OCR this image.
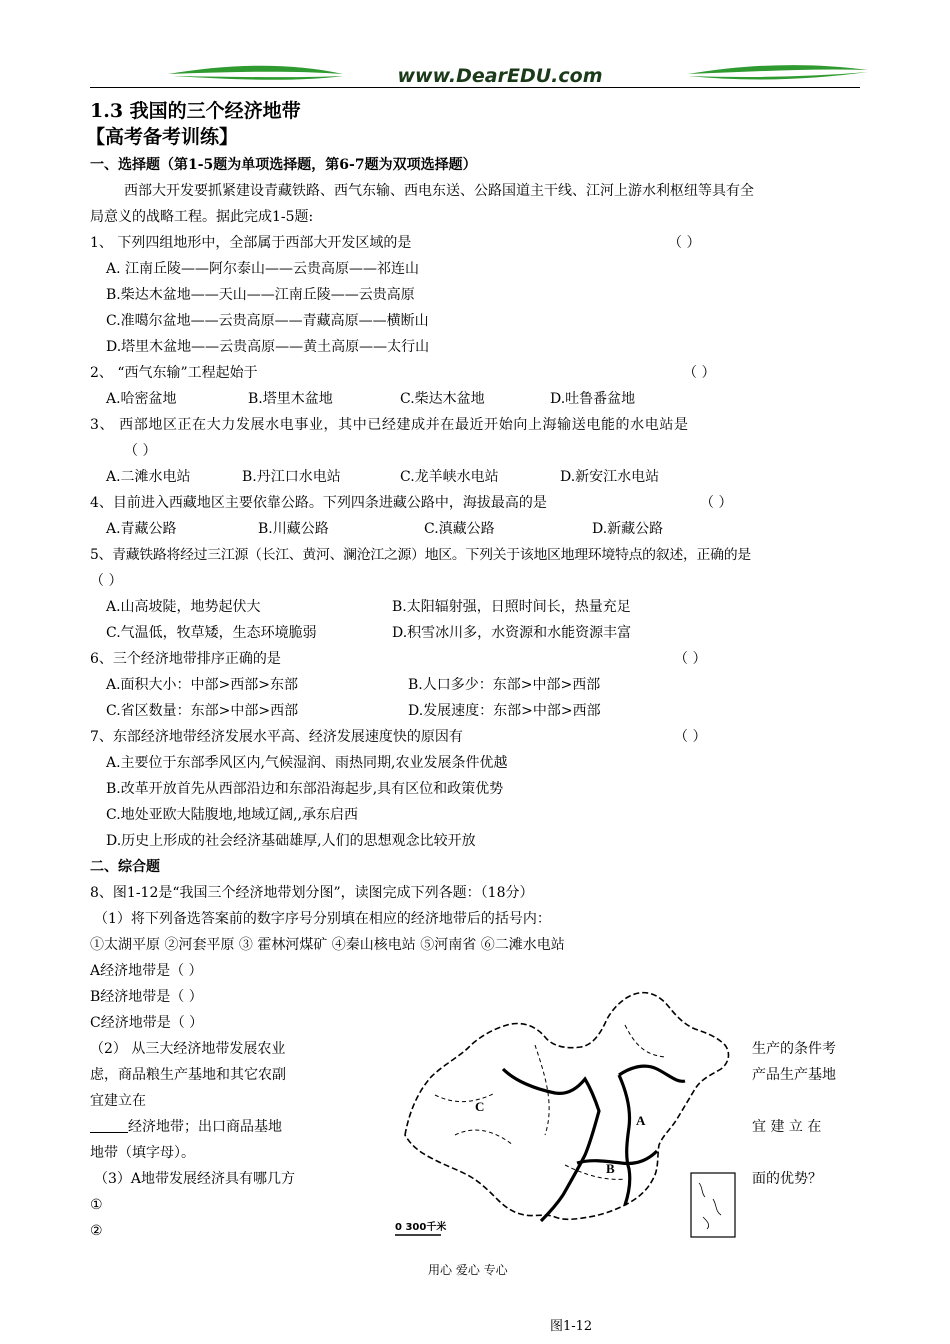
www.DearEDU.com
1.3 我国的三个经济地带
【高考备考训练】
一、选择题（第1-5题为单项选择题，第6-7题为双项选择题）
西部大开发要抓紧建设青藏铁路、西气东输、西电东送、公路国道主干线、江河上游水利枢纽等具有全
局意义的战略工程。据此完成1-5题:
1、 下列四组地形中，全部属于西部大开发区域的是	（ ）
A. 江南丘陵——阿尔泰山——云贵高原——祁连山
B.柴达木盆地——天山——江南丘陵——云贵高原
C.准噶尔盆地——云贵高原——青藏高原——横断山
D.塔里木盆地——云贵高原——黄土高原——太行山
2、 “西气东输”工程起始于	（ ）
A.哈密盆地	B.塔里木盆地	C.柴达木盆地	D.吐鲁番盆地
3、 西部地区正在大力发展水电事业，其中已经建成并在最近开始向上海输送电能的水电站是
（ ）
A.二滩水电站	B.丹江口水电站	C.龙羊峡水电站	D.新安江水电站
4、目前进入西藏地区主要依靠公路。下列四条进藏公路中，海拔最高的是	（ ）
A.青藏公路	B.川藏公路	C.滇藏公路	D.新藏公路
5、青藏铁路将经过三江源（长江、黄河、澜沧江之源）地区。下列关于该地区地理环境特点的叙述，正确的是
（ ）
A.山高坡陡，地势起伏大	B.太阳辐射强，日照时间长，热量充足
C.气温低，牧草矮，生态环境脆弱	D.积雪冰川多，水资源和水能资源丰富
6、三个经济地带排序正确的是	（ ）
A.面积大小：中部>西部>东部	B.人口多少：东部>中部>西部
C.省区数量：东部>中部>西部	D.发展速度：东部>中部>西部
7、东部经济地带经济发展水平高、经济发展速度快的原因有	（ ）
A.主要位于东部季风区内,气候湿润、雨热同期,农业发展条件优越
B.改革开放首先从西部沿边和东部沿海起步,具有区位和政策优势
C.地处亚欧大陆腹地,地域辽阔,,承东启西
D.历史上形成的社会经济基础雄厚,人们的思想观念比较开放
二、综合题
8、图1-12是“我国三个经济地带划分图”，读图完成下列各题：（18分）
（1）将下列备选答案前的数字序号分别填在相应的经济地带后的括号内：
①太湖平原 ②河套平原 ③ 霍林河煤矿 ④秦山核电站 ⑤河南省 ⑥二滩水电站
A经济地带是（ ）
B经济地带是（ ）
C经济地带是（ ）
（2） 从三大经济地带发展农业	生产的条件考
虑，商品粮生产基地和其它农副	产品生产基地
宜建立在
经济地带；出口商品基地	宜 建 立 在
地带（填字母）。
（3）A地带发展经济具有哪几方	面的优势？
①
②
A
B
C
0 300千米
用心 爱心 专心
图1-12
